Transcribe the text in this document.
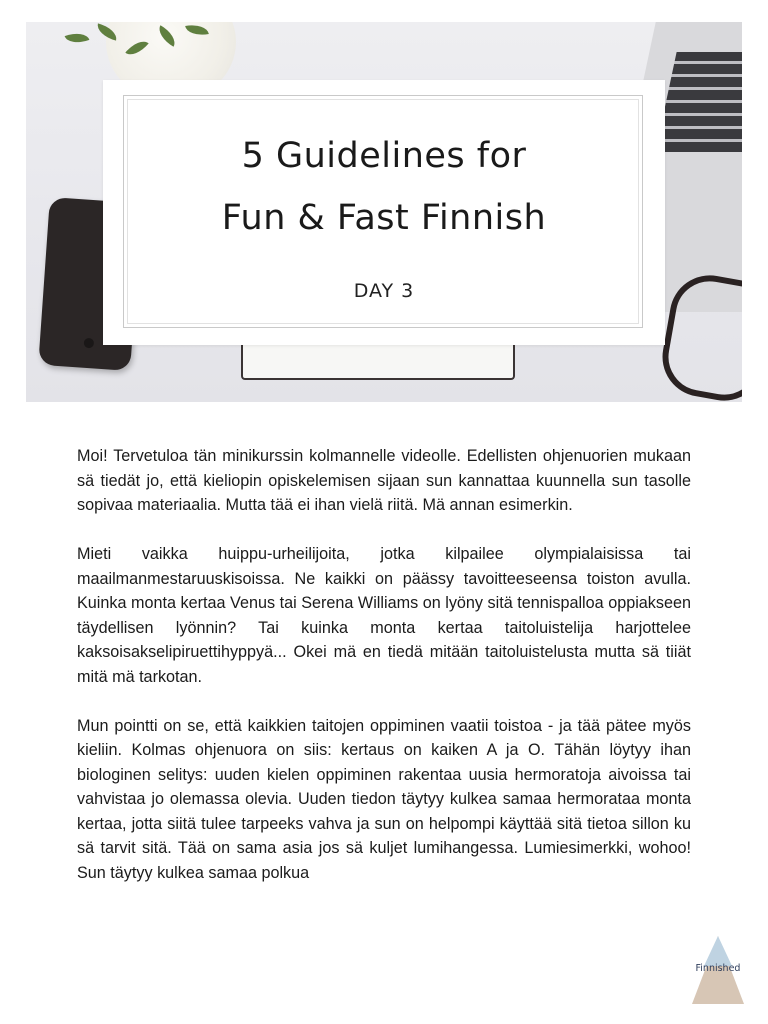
5 Guidelines for
Fun & Fast Finnish
DAY 3

Moi! Tervetuloa tän minikurssin kolmannelle videolle. Edellisten ohjenuorien mukaan sä tiedät jo, että kieliopin opiskelemisen sijaan sun kannattaa kuunnella sun tasolle sopivaa materiaalia. Mutta tää ei ihan vielä riitä. Mä annan esimerkin.

Mieti vaikka huippu-urheilijoita, jotka kilpailee olympialaisissa tai maailmanmestaruuskisoissa. Ne kaikki on päässy tavoitteeseensa toiston avulla. Kuinka monta kertaa Venus tai Serena Williams on lyöny sitä tennispalloa oppiakseen täydellisen lyönnin? Tai kuinka monta kertaa taitoluistelija harjottelee kaksoisakselipiruettihyppyä... Okei mä en tiedä mitään taitoluistelusta mutta sä tiiät mitä mä tarkotan.

Mun pointti on se, että kaikkien taitojen oppiminen vaatii toistoa - ja tää pätee myös kieliin. Kolmas ohjenuora on siis: kertaus on kaiken A ja O. Tähän löytyy ihan biologinen selitys: uuden kielen oppiminen rakentaa uusia hermoratoja aivoissa tai vahvistaa jo olemassa olevia. Uuden tiedon täytyy kulkea samaa hermorataa monta kertaa, jotta siitä tulee tarpeeks vahva ja sun on helpompi käyttää sitä tietoa sillon ku sä tarvit sitä. Tää on sama asia jos sä kuljet lumihangessa. Lumiesimerkki, wohoo! Sun täytyy kulkea samaa polkua

Finnished
